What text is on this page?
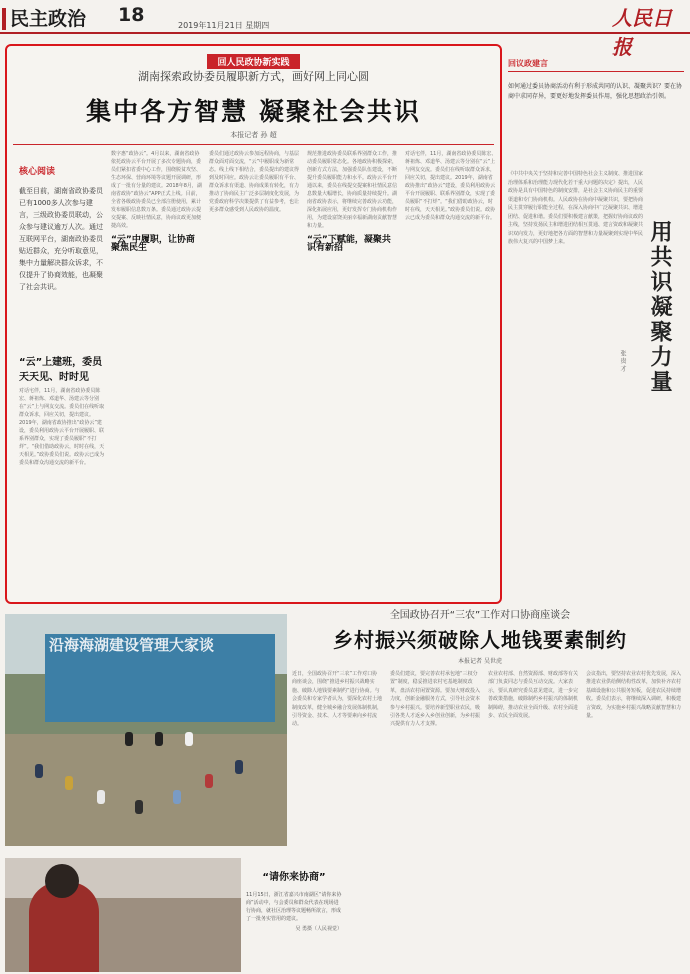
民主政治 18	2019年11月21日 星期四	人民日报
回人民政协新实践
湖南探索政协委员履职新方式，画好网上同心圆
集中各方智慧 凝聚社会共识
本报记者 孙 超
核心阅读
截至目前，湖南省政协委员已有1000多人次参与建言，三级政协委员联动，公众参与建议逾万人次。通过互联网平台，湖南政协委员贴近群众，充分听取意见，集中力量解决群众诉求，不仅提升了协商效能，也凝聚了社会共识。
“云”上建班，委员天天见、时时见
对话宅伴，11月，湖南省政协委员陈宏、蒋祖炼、邓道华、汤建云等分别在“云”上与网友交流。委员们在线听取群众诉求，回应关切，提出建议。2019年，湖南省政协推出“政协云”建设，委员利用政协云平台开展履职、联系界别群众，实现了委员履职“不打烊”。“我们借助政协云，时时在线，天天相见。”政协委员们说。政协云已成为委员和群众沟通交流的新平台。
数字惠“政协云”。4月以来，湖南省政协依托政协云平台开展了多次专题协商，委员们紧扣省委中心工作，围绕脱贫攻坚、生态环保、营商环境等议题开展调研，形成了一批有分量的建议。2018年8月，湖南省政协“政协云”APP正式上线。目前，全省各级政协委员已全部注册使用，累计发布履职信息数万条。委员通过政协云提交提案、反映社情民意，协商议政更加便捷高效。
“云”中履职，让协商聚焦民生
委员们通过政协云参加远程协商，与基层群众面对面交流，“云”中履职成为新常态。线上线下相结合，委员提出的建议得到及时回应。政协云让委员履职有平台、群众诉求有渠道、协商成果有转化，有力推动了协商民主广泛多层制度化发展，为党委政府科学决策提供了有益参考，也让更多群众感受到人民政协的温度。
规范推进政协委员联系界别群众工作，推动委员履职常态化。各地政协积极探索，创新方式方法，加强委员队伍建设，不断提升委员履职能力和水平。政协云平台开通以来，委员在线提交提案和社情民意信息数量大幅增长，协商质量持续提升。湖南省政协表示，将继续完善政协云功能，深化拓展应用，更好发挥专门协商机构作用，为建设富饶美丽幸福新湖南贡献智慧和力量。
“云”下赋能，凝聚共识有新招
对话宅伴，11月，湖南省政协委员陈宏、蒋祖炼、邓道华、汤建云等分别在“云”上与网友交流。委员们在线听取群众诉求，回应关切，提出建议。2019年，湖南省政协推出“政协云”建设，委员利用政协云平台开展履职、联系界别群众，实现了委员履职“不打烊”。“我们借助政协云，时时在线，天天相见。”政协委员们说。政协云已成为委员和群众沟通交流的新平台。
回议政建言
如何通过委员协商活动有利于形成共同的认识、凝聚共识？要在协商中求同存异，要更好地发挥委员作用，强化思想政治引领。
用共识凝聚力量
张 贵 才
《中共中央关于坚持和完善中国特色社会主义制度、推进国家治理体系和治理能力现代化若干重大问题的决定》提出，人民政协是具有中国特色的制度安排，是社会主义协商民主的重要渠道和专门协商机构。人民政协在协商中凝聚共识，要把协商民主贯穿履行职能全过程，在深入协商中广泛凝聚共识、增进团结、促进和谐。委员们要积极建言献策，把握好协商议政的主线，坚持发扬民主和增进团结相互贯通、建言资政和凝聚共识双向发力，更好地把各方面的智慧和力量凝聚到实现中华民族伟大复兴的中国梦上来。
沿海海湖建设管理大家谈
全国政协召开“三农”工作对口协商座谈会
乡村振兴须破除人地钱要素制约
本报记者 吴世虎
近日，全国政协召开“三农”工作对口协商座谈会，围绕“推进乡村振兴战略实施、破除人地钱要素制约”进行协商。与会委员和专家学者认为，要深化农村土地制度改革，健全城乡融合发展体制机制，引导资金、技术、人才等要素向乡村流动。
委员们建议，要完善农村承包地“三权分置”制度，稳妥推进农村宅基地制度改革，盘活农村闲置资源。要加大财政投入力度，创新金融服务方式，引导社会资本参与乡村振兴。要培养新型职业农民，吸引各类人才返乡入乡创业创新，为乡村振兴提供有力人才支撑。
农业农村部、自然资源部、财政部等有关部门负责同志与委员互动交流。大家表示，要认真研究委员意见建议，进一步完善政策措施，破除制约乡村振兴的体制机制障碍，推动农业全面升级、农村全面进步、农民全面发展。
会议指出，要坚持农业农村优先发展，深入推进农业供给侧结构性改革，加快补齐农村基础设施和公共服务短板，促进农民持续增收。委员们表示，将继续深入调研，积极建言资政，为实施乡村振兴战略贡献智慧和力量。
“请你来协商”
11月15日，浙江省嘉兴市南湖区“请你来协商”活动中，与会委员和群众代表在现场进行协商，就社区治理等议题畅所欲言，形成了一批务实管用的建议。
吴 勇摄（人民视觉）
